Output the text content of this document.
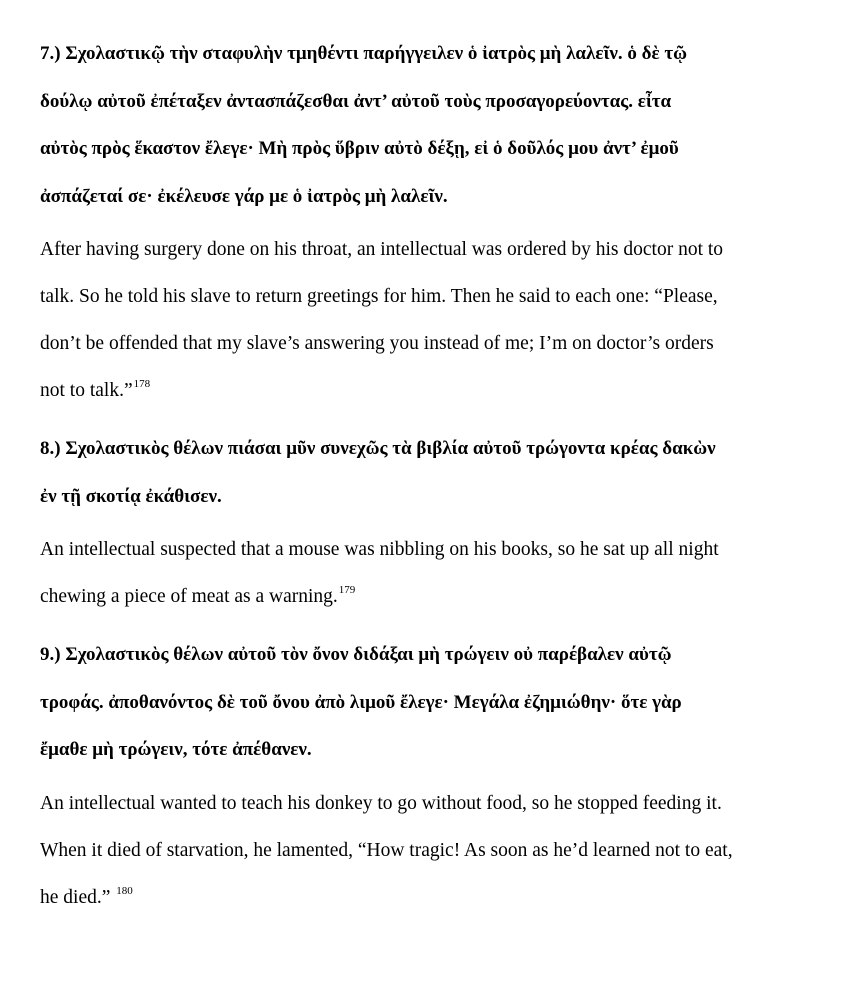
7.) Σχολαστικῷ τὴν σταφυλὴν τμηθέντι παρήγγειλεν ὁ ἰατρὸς μὴ λαλεῖν. ὁ δὲ τῷ

δούλῳ αὐτοῦ ἐπέταξεν ἀντασπάζεσθαι ἀντ’ αὐτοῦ τοὺς προσαγορεύοντας. εἶτα

αὐτὸς πρὸς ἕκαστον ἔλεγε· Μὴ πρὸς ὕβριν αὐτὸ δέξῃ, εἰ ὁ δοῦλός μου ἀντ’ ἐμοῦ

ἀσπάζεταί σε· ἐκέλευσε γάρ με ὁ ἰατρὸς μὴ λαλεῖν.

After having surgery done on his throat, an intellectual was ordered by his doctor not to

talk. So he told his slave to return greetings for him. Then he said to each one: “Please,

don’t be offended that my slave’s answering you instead of me; I’m on doctor’s orders

not to talk.”$^{178}$

8.) Σχολαστικὸς θέλων πιάσαι μῦν συνεχῶς τὰ βιβλία αὐτοῦ τρώγοντα κρέας δακὼν

ἐν τῇ σκοτίᾳ ἐκάθισεν.

An intellectual suspected that a mouse was nibbling on his books, so he sat up all night

chewing a piece of meat as a warning.$^{179}$

9.) Σχολαστικὸς θέλων αὐτοῦ τὸν ὄνον διδάξαι μὴ τρώγειν οὐ παρέβαλεν αὐτῷ

τροφάς. ἀποθανόντος δὲ τοῦ ὄνου ἀπὸ λιμοῦ ἔλεγε· Μεγάλα ἐζημιώθην· ὅτε γὰρ

ἔμαθε μὴ τρώγειν, τότε ἀπέθανεν.

An intellectual wanted to teach his donkey to go without food, so he stopped feeding it.

When it died of starvation, he lamented, “How tragic! As soon as he’d learned not to eat,

he died.” $^{180}$
